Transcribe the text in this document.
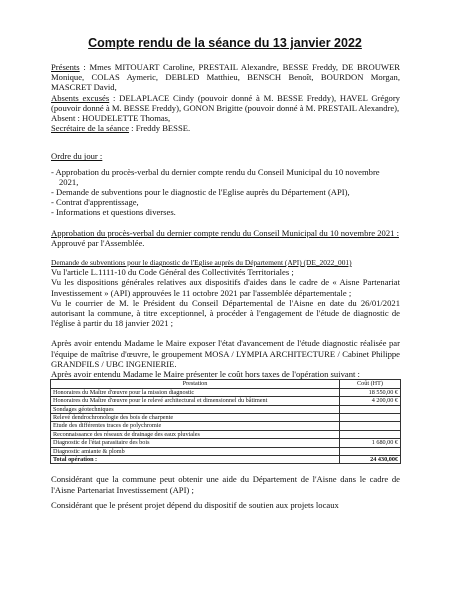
Compte rendu de la séance du 13 janvier 2022

Présents : Mmes MITOUART Caroline, PRESTAIL Alexandre, BESSE Freddy, DE BROUWER Monique, COLAS Aymeric, DEBLED Matthieu, BENSCH Benoît, BOURDON Morgan, MASCRET David,

Absents excusés : DELAPLACE Cindy (pouvoir donné à M. BESSE Freddy), HAVEL Grégory (pouvoir donné à M. BESSE Freddy), GONON Brigitte (pouvoir donné à M. PRESTAIL Alexandre),

Absent : HOUDELETTE Thomas,

Secrétaire de la séance : Freddy BESSE.

Ordre du jour :

- Approbation du procès-verbal du dernier compte rendu du Conseil Municipal du 10 novembre 2021,
- Demande de subventions pour le diagnostic de l'Eglise auprès du Département (API),
- Contrat d'apprentissage,
- Informations et questions diverses.

Approbation du procès-verbal du dernier compte rendu du Conseil Municipal du 10 novembre 2021 :

Approuvé par l'Assemblée.

Demande de subventions pour le diagnostic de l'Eglise auprès du Département (API) (DE_2022_001)

Vu l'article L.1111-10 du Code Général des Collectivités Territoriales ;

Vu les dispositions générales relatives aux dispositifs d'aides dans le cadre de « Aisne Partenariat Investissement » (API) approuvées le 11 octobre 2021 par l'assemblée départementale ;

Vu le courrier de M. le Président du Conseil Départemental de l'Aisne en date du 26/01/2021 autorisant la commune, à titre exceptionnel, à procéder à l'engagement de l'étude de diagnostic de l'église à partir du 18 janvier 2021 ;

Après avoir entendu Madame le Maire exposer l'état d'avancement de l'étude diagnostic réalisée par l'équipe de maîtrise d'œuvre, le groupement MOSA / LYMPIA ARCHITECTURE / Cabinet Philippe GRANDFILS / UBC INGENIERIE.

Après avoir entendu Madame le Maire présenter le coût hors taxes de l'opération suivant :

Prestation	Coût (HT)
Honoraires du Maître d'œuvre pour la mission diagnostic	18 550,00 €
Honoraires du Maître d'œuvre pour le relevé architectural et dimensionnel du bâtiment	4 200,00 €
Sondages géotechniques	
Relevé dendrochronologie des bois de charpente	
Etude des différentes traces de polychromie	
Reconnaissance des réseaux de drainage des eaux pluviales	
Diagnostic de l'état parasitaire des bois	1 680,00 €
Diagnostic amiante & plomb	
Total opération :	24 430,00€

Considérant que la commune peut obtenir une aide du Département de l'Aisne dans le cadre de l'Aisne Partenariat Investissement (API) ;

Considérant que le présent projet dépend du dispositif de soutien aux projets locaux
